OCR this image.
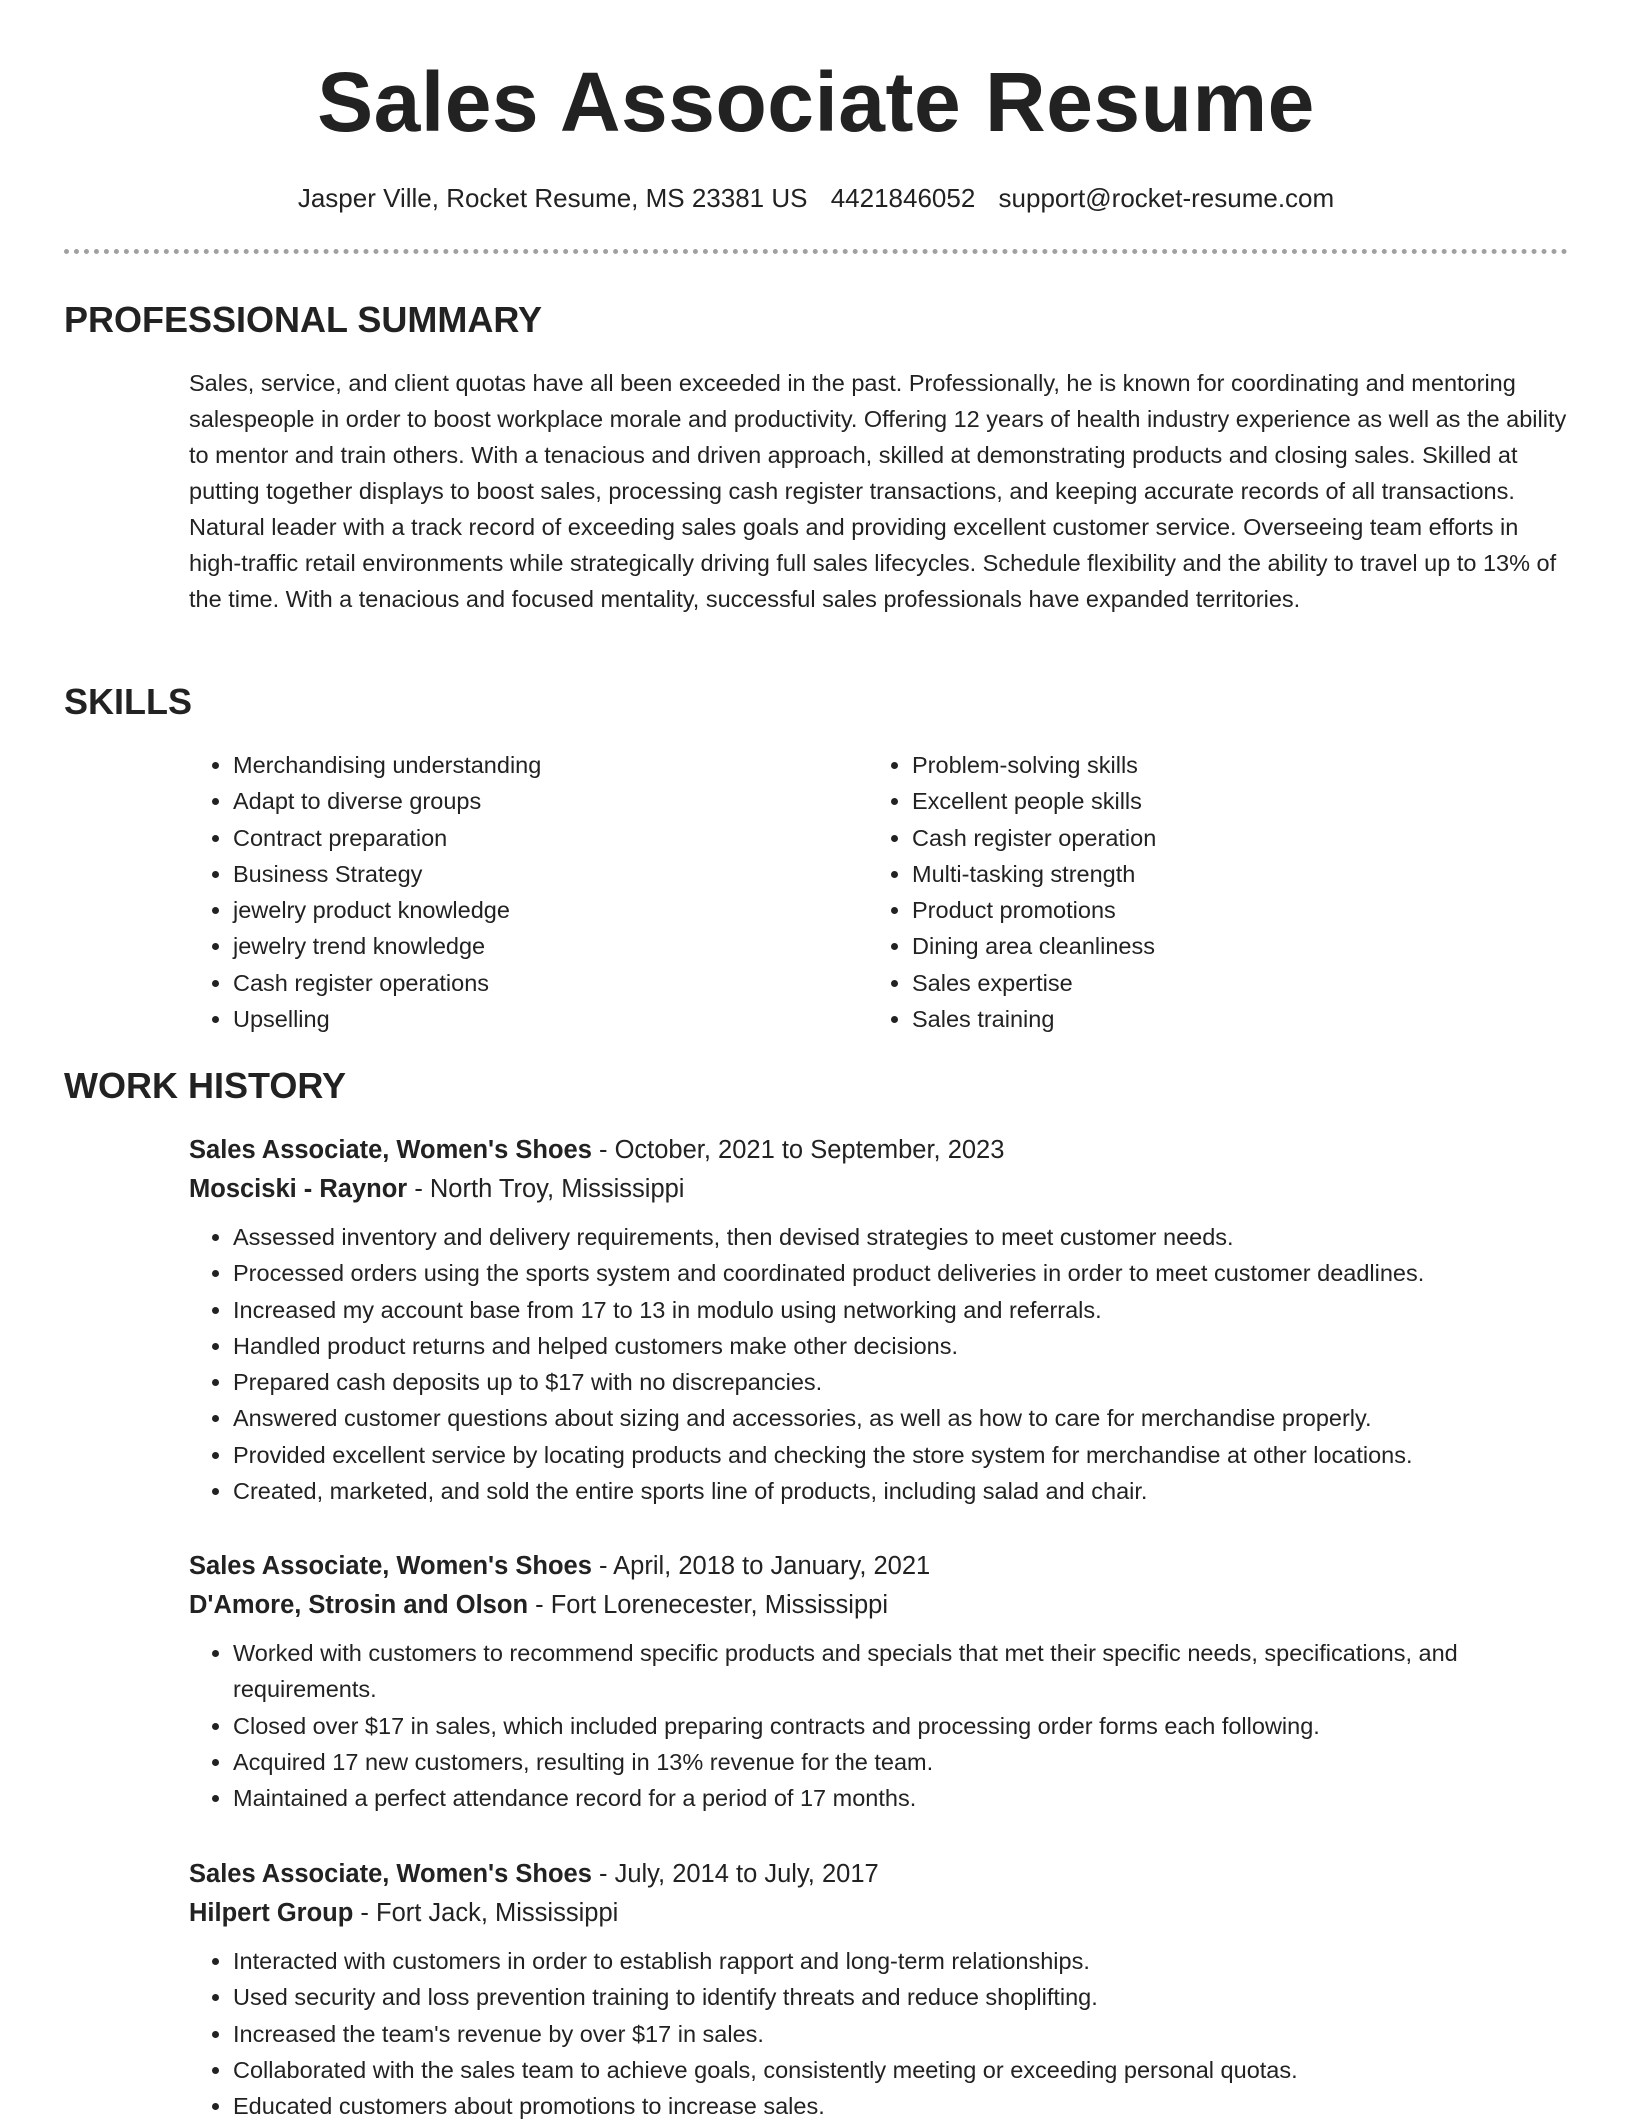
Sales Associate Resume
Jasper Ville, Rocket Resume, MS 23381 US 4421846052 support@rocket-resume.com
PROFESSIONAL SUMMARY

Sales, service, and client quotas have all been exceeded in the past. Professionally, he is known for coordinating and mentoring salespeople in order to boost workplace morale and productivity. Offering 12 years of health industry experience as well as the ability to mentor and train others. With a tenacious and driven approach, skilled at demonstrating products and closing sales. Skilled at putting together displays to boost sales, processing cash register transactions, and keeping accurate records of all transactions. Natural leader with a track record of exceeding sales goals and providing excellent customer service. Overseeing team efforts in high-traffic retail environments while strategically driving full sales lifecycles. Schedule flexibility and the ability to travel up to 13% of the time. With a tenacious and focused mentality, successful sales professionals have expanded territories.

SKILLS
• Merchandising understanding
• Adapt to diverse groups
• Contract preparation
• Business Strategy
• jewelry product knowledge
• jewelry trend knowledge
• Cash register operations
• Upselling
• Problem-solving skills
• Excellent people skills
• Cash register operation
• Multi-tasking strength
• Product promotions
• Dining area cleanliness
• Sales expertise
• Sales training
WORK HISTORY

Sales Associate, Women's Shoes - October, 2021 to September, 2023

Mosciski - Raynor - North Troy, Mississippi

• Assessed inventory and delivery requirements, then devised strategies to meet customer needs.
• Processed orders using the sports system and coordinated product deliveries in order to meet customer deadlines.
• Increased my account base from 17 to 13 in modulo using networking and referrals.
• Handled product returns and helped customers make other decisions.
• Prepared cash deposits up to $17 with no discrepancies.
• Answered customer questions about sizing and accessories, as well as how to care for merchandise properly.
• Provided excellent service by locating products and checking the store system for merchandise at other locations.
• Created, marketed, and sold the entire sports line of products, including salad and chair.

Sales Associate, Women's Shoes - April, 2018 to January, 2021

D'Amore, Strosin and Olson - Fort Lorenecester, Mississippi

• Worked with customers to recommend specific products and specials that met their specific needs, specifications, and requirements.
• Closed over $17 in sales, which included preparing contracts and processing order forms each following.
• Acquired 17 new customers, resulting in 13% revenue for the team.
• Maintained a perfect attendance record for a period of 17 months.

Sales Associate, Women's Shoes - July, 2014 to July, 2017

Hilpert Group - Fort Jack, Mississippi

• Interacted with customers in order to establish rapport and long-term relationships.
• Used security and loss prevention training to identify threats and reduce shoplifting.
• Increased the team's revenue by over $17 in sales.
• Collaborated with the sales team to achieve goals, consistently meeting or exceeding personal quotas.
• Educated customers about promotions to increase sales.
